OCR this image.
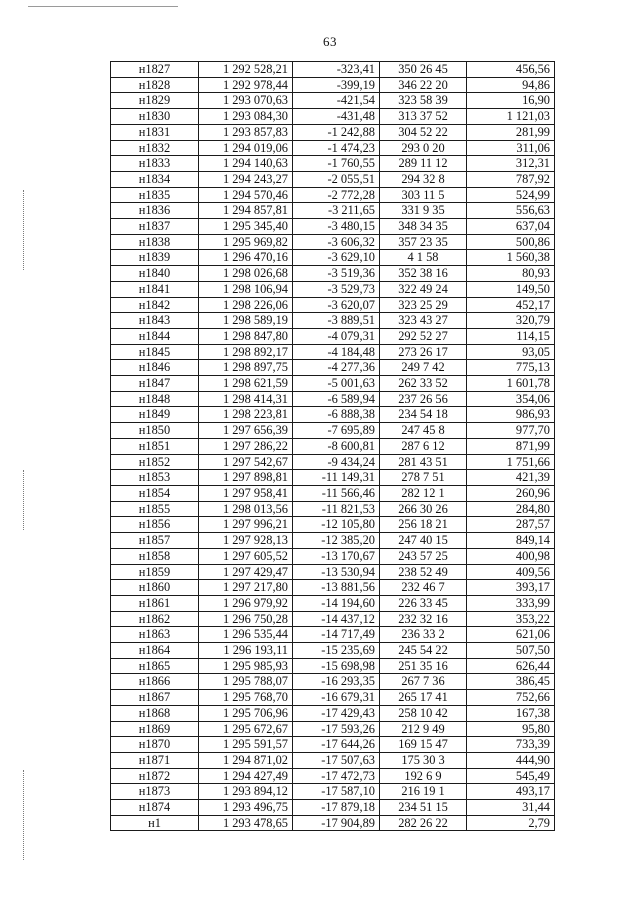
63
н1827	1 292 528,21	-323,41	350 26 45	456,56
н1828	1 292 978,44	-399,19	346 22 20	94,86
н1829	1 293 070,63	-421,54	323 58 39	16,90
н1830	1 293 084,30	-431,48	313 37 52	1 121,03
н1831	1 293 857,83	-1 242,88	304 52 22	281,99
н1832	1 294 019,06	-1 474,23	293 0 20	311,06
н1833	1 294 140,63	-1 760,55	289 11 12	312,31
н1834	1 294 243,27	-2 055,51	294 32 8	787,92
н1835	1 294 570,46	-2 772,28	303 11 5	524,99
н1836	1 294 857,81	-3 211,65	331 9 35	556,63
н1837	1 295 345,40	-3 480,15	348 34 35	637,04
н1838	1 295 969,82	-3 606,32	357 23 35	500,86
н1839	1 296 470,16	-3 629,10	4 1 58	1 560,38
н1840	1 298 026,68	-3 519,36	352 38 16	80,93
н1841	1 298 106,94	-3 529,73	322 49 24	149,50
н1842	1 298 226,06	-3 620,07	323 25 29	452,17
н1843	1 298 589,19	-3 889,51	323 43 27	320,79
н1844	1 298 847,80	-4 079,31	292 52 27	114,15
н1845	1 298 892,17	-4 184,48	273 26 17	93,05
н1846	1 298 897,75	-4 277,36	249 7 42	775,13
н1847	1 298 621,59	-5 001,63	262 33 52	1 601,78
н1848	1 298 414,31	-6 589,94	237 26 56	354,06
н1849	1 298 223,81	-6 888,38	234 54 18	986,93
н1850	1 297 656,39	-7 695,89	247 45 8	977,70
н1851	1 297 286,22	-8 600,81	287 6 12	871,99
н1852	1 297 542,67	-9 434,24	281 43 51	1 751,66
н1853	1 297 898,81	-11 149,31	278 7 51	421,39
н1854	1 297 958,41	-11 566,46	282 12 1	260,96
н1855	1 298 013,56	-11 821,53	266 30 26	284,80
н1856	1 297 996,21	-12 105,80	256 18 21	287,57
н1857	1 297 928,13	-12 385,20	247 40 15	849,14
н1858	1 297 605,52	-13 170,67	243 57 25	400,98
н1859	1 297 429,47	-13 530,94	238 52 49	409,56
н1860	1 297 217,80	-13 881,56	232 46 7	393,17
н1861	1 296 979,92	-14 194,60	226 33 45	333,99
н1862	1 296 750,28	-14 437,12	232 32 16	353,22
н1863	1 296 535,44	-14 717,49	236 33 2	621,06
н1864	1 296 193,11	-15 235,69	245 54 22	507,50
н1865	1 295 985,93	-15 698,98	251 35 16	626,44
н1866	1 295 788,07	-16 293,35	267 7 36	386,45
н1867	1 295 768,70	-16 679,31	265 17 41	752,66
н1868	1 295 706,96	-17 429,43	258 10 42	167,38
н1869	1 295 672,67	-17 593,26	212 9 49	95,80
н1870	1 295 591,57	-17 644,26	169 15 47	733,39
н1871	1 294 871,02	-17 507,63	175 30 3	444,90
н1872	1 294 427,49	-17 472,73	192 6 9	545,49
н1873	1 293 894,12	-17 587,10	216 19 1	493,17
н1874	1 293 496,75	-17 879,18	234 51 15	31,44
н1	1 293 478,65	-17 904,89	282 26 22	2,79
